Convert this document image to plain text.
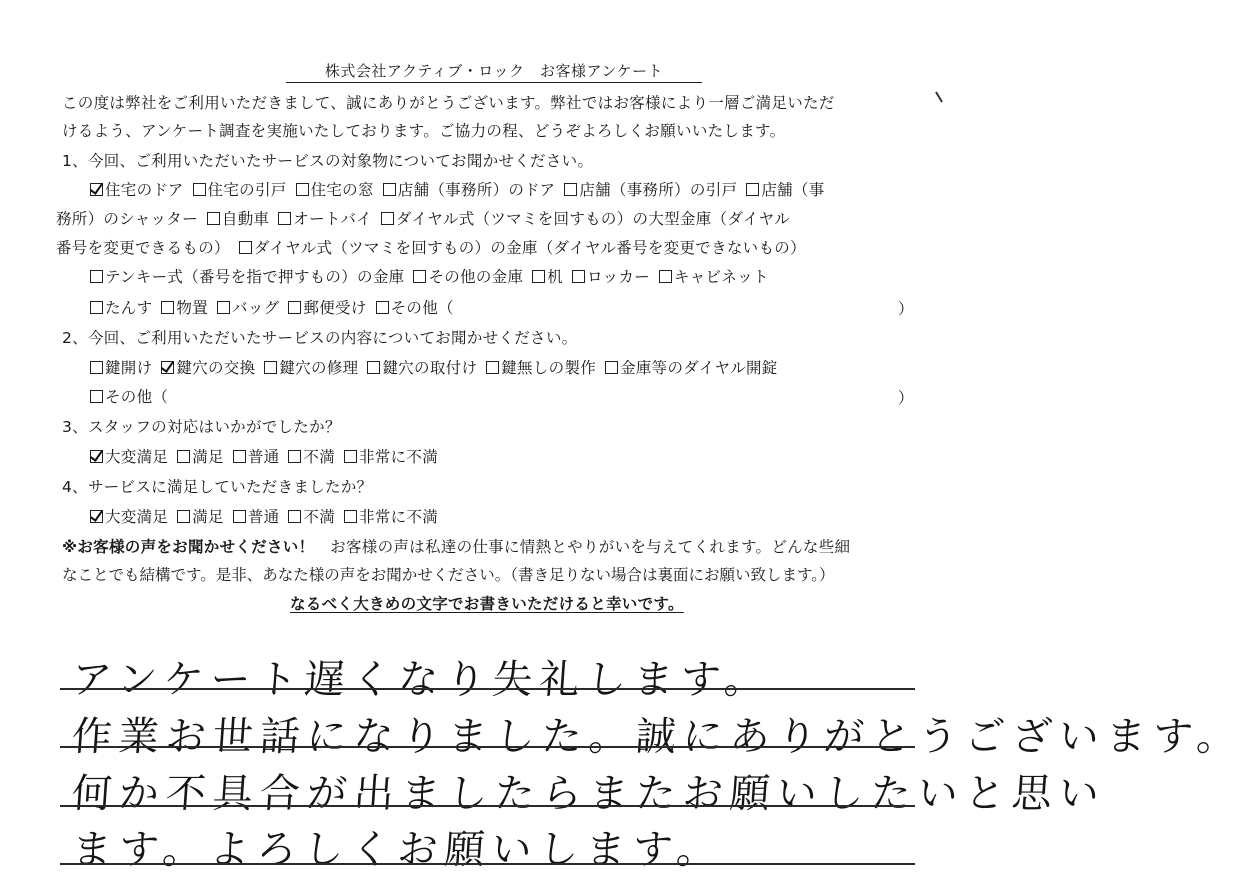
株式会社アクティブ・ロック　お客様アンケート
この度は弊社をご利用いただきまして、誠にありがとうございます。弊社ではお客様により一層ご満足いただ
けるよう、アンケート調査を実施いたしております。ご協力の程、どうぞよろしくお願いいたします。
1、今回、ご利用いただいたサービスの対象物についてお聞かせください。
住宅のドア 住宅の引戸 住宅の窓 店舗（事務所）のドア 店舗（事務所）の引戸 店舗（事
務所）のシャッター 自動車 オートバイ ダイヤル式（ツマミを回すもの）の大型金庫（ダイヤル
番号を変更できるもの） ダイヤル式（ツマミを回すもの）の金庫（ダイヤル番号を変更できないもの）
テンキー式（番号を指で押すもの）の金庫 その他の金庫 机 ロッカー キャビネット
たんす 物置 バッグ 郵便受け その他（	）
2、今回、ご利用いただいたサービスの内容についてお聞かせください。
鍵開け 鍵穴の交換 鍵穴の修理 鍵穴の取付け 鍵無しの製作 金庫等のダイヤル開錠
その他（	）
3、スタッフの対応はいかがでしたか？
大変満足 満足 普通 不満 非常に不満
4、サービスに満足していただきましたか？
大変満足 満足 普通 不満 非常に不満
※お客様の声をお聞かせください！　お客様の声は私達の仕事に情熱とやりがいを与えてくれます。どんな些細
なことでも結構です。是非、あなた様の声をお聞かせください。（書き足りない場合は裏面にお願い致します。）
なるべく大きめの文字でお書きいただけると幸いです。
アンケート遅くなり失礼します。
作業お世話になりました。誠にありがとうございます。
何か不具合が出ましたらまたお願いしたいと思い
ます。よろしくお願いします。
